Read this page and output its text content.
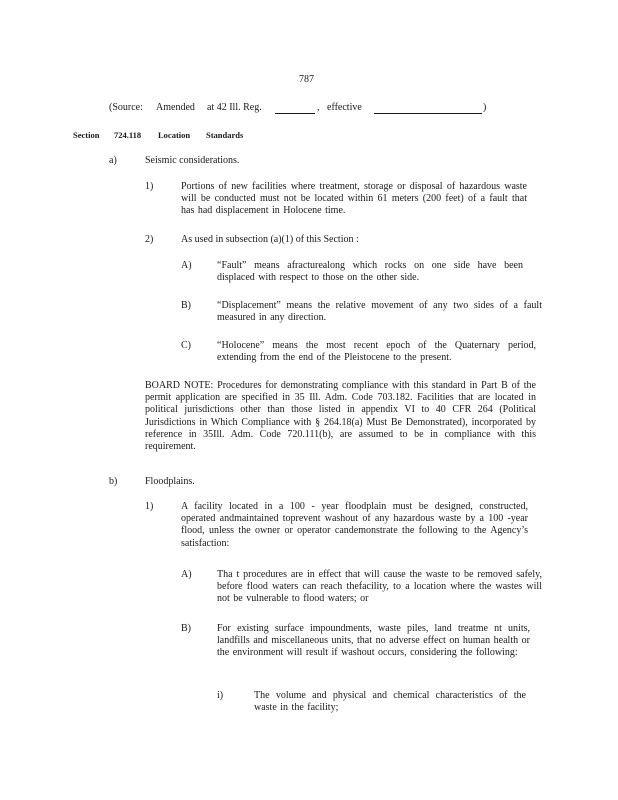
787
(Source: Amended at 42 Ill. Reg.	, effective	)
Section 724.118 Location Standards
a)	Seismic considerations.
1)	Portions of new facilities where treatment, storage or disposal of hazardous waste will be conducted must not be located within 61 meters (200 feet) of a fault that has had displacement in Holocene time.
2)	As used in subsection (a)(1) of this Section :
A)	“Fault” means afracturealong which rocks on one side have been displaced with respect to those on the other side.
B)	“Displacement” means the relative movement of any two sides of a fault measured in any direction.
C)	“Holocene” means the most recent epoch of the Quaternary period, extending from the end of the Pleistocene to the present.
BOARD NOTE: Procedures for demonstrating compliance with this standard in Part B of the permit application are specified in 35 Ill. Adm. Code 703.182. Facilities that are located in political jurisdictions other than those listed in appendix VI to 40 CFR 264 (Political Jurisdictions in Which Compliance with § 264.18(a) Must Be Demonstrated), incorporated by reference in 35Ill. Adm. Code 720.111(b), are assumed to be in compliance with this requirement.
b)	Floodplains.
1)	A facility located in a 100 - year floodplain must be designed, constructed, operated andmaintained toprevent washout of any hazardous waste by a 100 -year flood, unless the owner or operator candemonstrate the following to the Agency’s satisfaction:
A)	Tha t procedures are in effect that will cause the waste to be removed safely, before flood waters can reach thefacility, to a location where the wastes will not be vulnerable to flood waters; or
B)	For existing surface impoundments, waste piles, land treatme nt units, landfills and miscellaneous units, that no adverse effect on human health or the environment will result if washout occurs, considering the following:
i)	The volume and physical and chemical characteristics of the waste in the facility;
